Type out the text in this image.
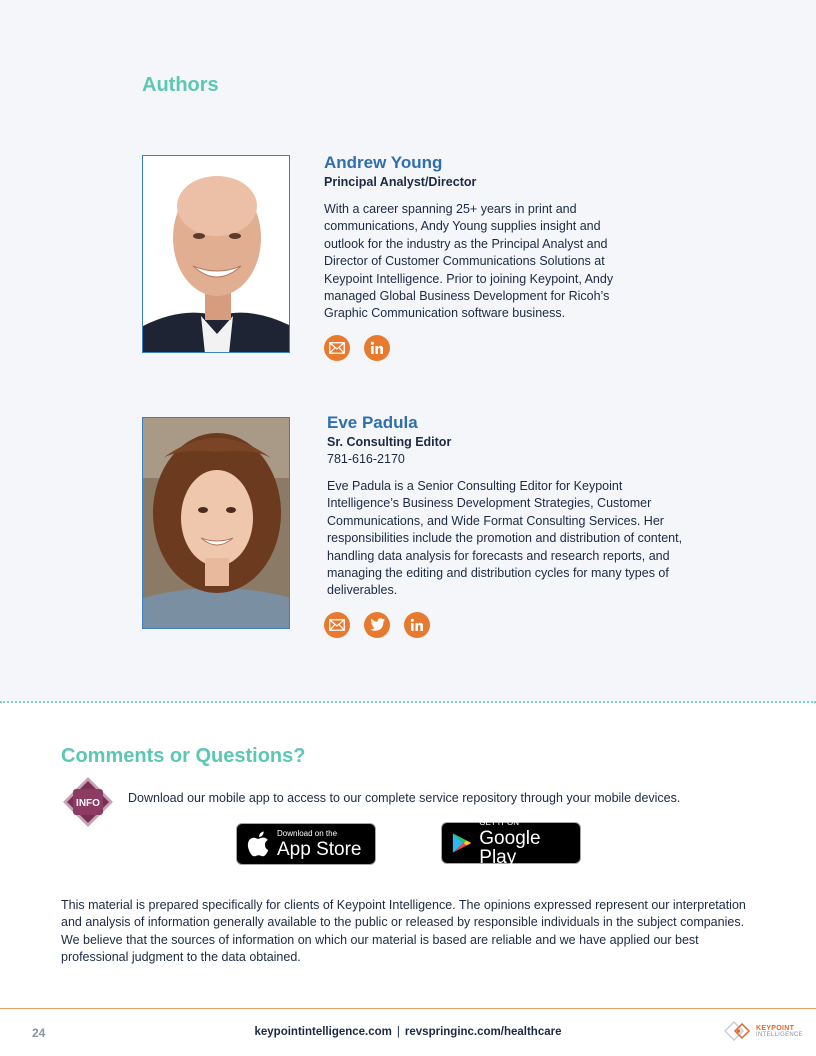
Authors
Andrew Young
Principal Analyst/Director

With a career spanning 25+ years in print and communications, Andy Young supplies insight and outlook for the industry as the Principal Analyst and Director of Customer Communications Solutions at Keypoint Intelligence. Prior to joining Keypoint, Andy managed Global Business Development for Ricoh’s Graphic Communication software business.

Eve Padula
Sr. Consulting Editor
781-616-2170

Eve Padula is a Senior Consulting Editor for Keypoint Intelligence’s Business Development Strategies, Customer Communications, and Wide Format Consulting Services. Her responsibilities include the promotion and distribution of content, handling data analysis for forecasts and research reports, and managing the editing and distribution cycles for many types of deliverables.

Comments or Questions?
INFO Download our mobile app to access to our complete service repository through your mobile devices.

Download on the
App Store
GET IT ON
Google Play

This material is prepared specifically for clients of Keypoint Intelligence. The opinions expressed represent our interpretation and analysis of information generally available to the public or released by responsible individuals in the subject companies. We believe that the sources of information on which our material is based are reliable and we have applied our best professional judgment to the data obtained.

24	keypointintelligence.com | revspringinc.com/healthcare	KEYPOINT
INTELLIGENCE
